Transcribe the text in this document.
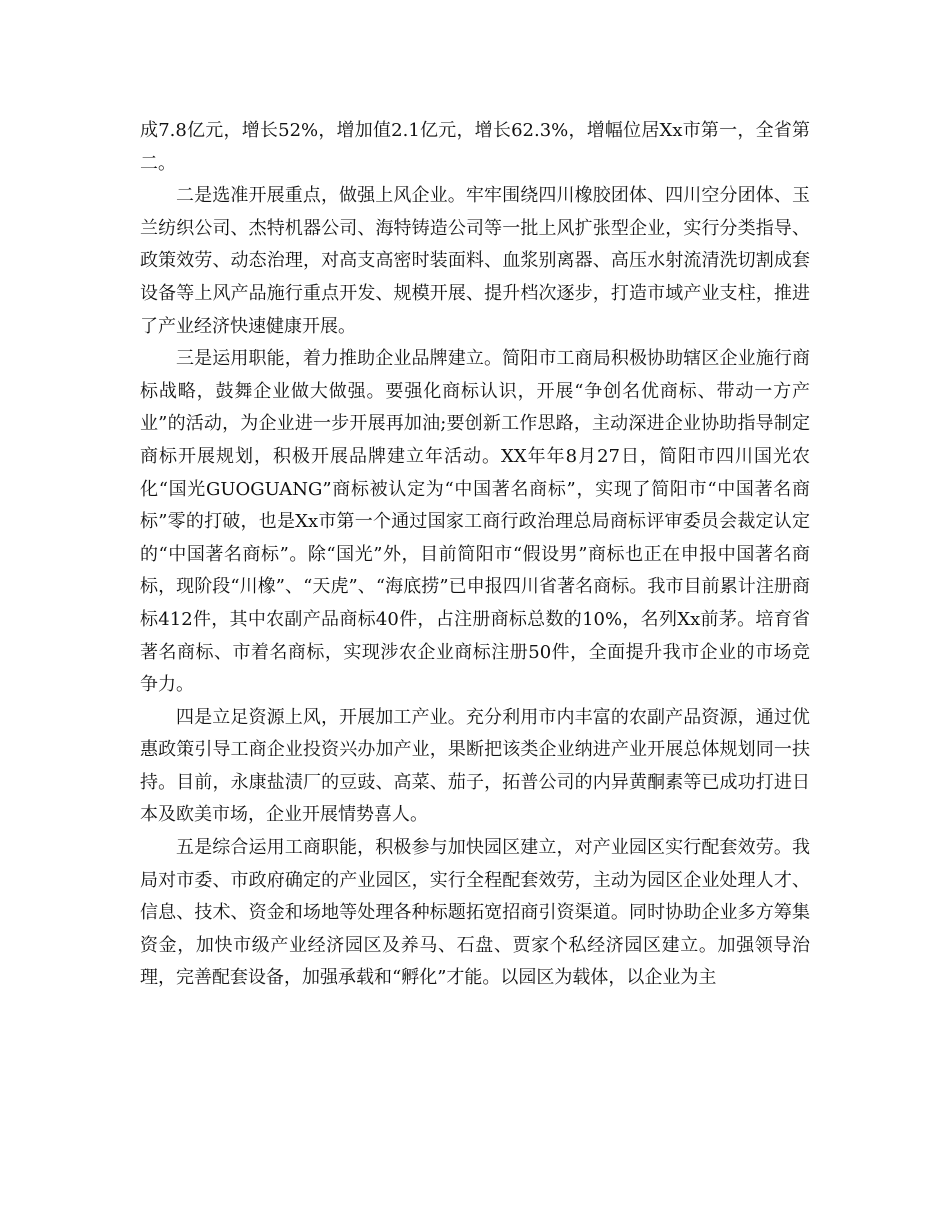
成7.8亿元，增长52%，增加值2.1亿元，增长62.3%，增幅位居Xx市第一，全省第二。

二是选准开展重点，做强上风企业。牢牢围绕四川橡胶团体、四川空分团体、玉兰纺织公司、杰特机器公司、海特铸造公司等一批上风扩张型企业，实行分类指导、政策效劳、动态治理，对高支高密时装面料、血浆别离器、高压水射流清洗切割成套设备等上风产品施行重点开发、规模开展、提升档次逐步，打造市域产业支柱，推进了产业经济快速健康开展。

三是运用职能，着力推助企业品牌建立。简阳市工商局积极协助辖区企业施行商标战略，鼓舞企业做大做强。要强化商标认识，开展“争创名优商标、带动一方产业”的活动，为企业进一步开展再加油;要创新工作思路，主动深进企业协助指导制定商标开展规划，积极开展品牌建立年活动。XX年年8月27日，简阳市四川国光农化“国光GUOGUANG”商标被认定为“中国著名商标”，实现了简阳市“中国著名商标”零的打破，也是Xx市第一个通过国家工商行政治理总局商标评审委员会裁定认定的“中国著名商标”。除“国光”外，目前简阳市“假设男”商标也正在申报中国著名商标，现阶段“川橡”、“天虎”、“海底捞”已申报四川省著名商标。我市目前累计注册商标412件，其中农副产品商标40件，占注册商标总数的10%，名列Xx前茅。培育省著名商标、市着名商标，实现涉农企业商标注册50件，全面提升我市企业的市场竞争力。

四是立足资源上风，开展加工产业。充分利用市内丰富的农副产品资源，通过优惠政策引导工商企业投资兴办加产业，果断把该类企业纳进产业开展总体规划同一扶持。目前，永康盐渍厂的豆豉、高菜、茄子，拓普公司的内异黄酮素等已成功打进日本及欧美市场，企业开展情势喜人。

五是综合运用工商职能，积极参与加快园区建立，对产业园区实行配套效劳。我局对市委、市政府确定的产业园区，实行全程配套效劳，主动为园区企业处理人才、信息、技术、资金和场地等处理各种标题拓宽招商引资渠道。同时协助企业多方筹集资金，加快市级产业经济园区及养马、石盘、贾家个私经济园区建立。加强领导治理，完善配套设备，加强承载和“孵化”才能。以园区为载体，以企业为主
